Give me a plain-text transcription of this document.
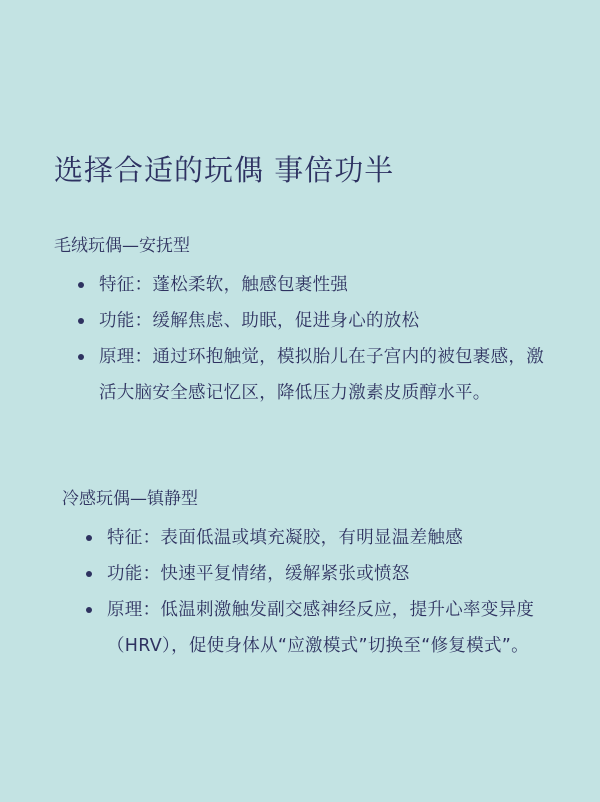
选择合适的玩偶 事倍功半
毛绒玩偶—安抚型
特征：蓬松柔软，触感包裹性强
功能：缓解焦虑、助眠，促进身心的放松
原理：通过环抱触觉，模拟胎儿在子宫内的被包裹感，激活大脑安全感记忆区，降低压力激素皮质醇水平。
冷感玩偶—镇静型
特征：表面低温或填充凝胶，有明显温差触感
功能：快速平复情绪，缓解紧张或愤怒
原理：低温刺激触发副交感神经反应，提升心率变异度（HRV），促使身体从“应激模式”切换至“修复模式”。
